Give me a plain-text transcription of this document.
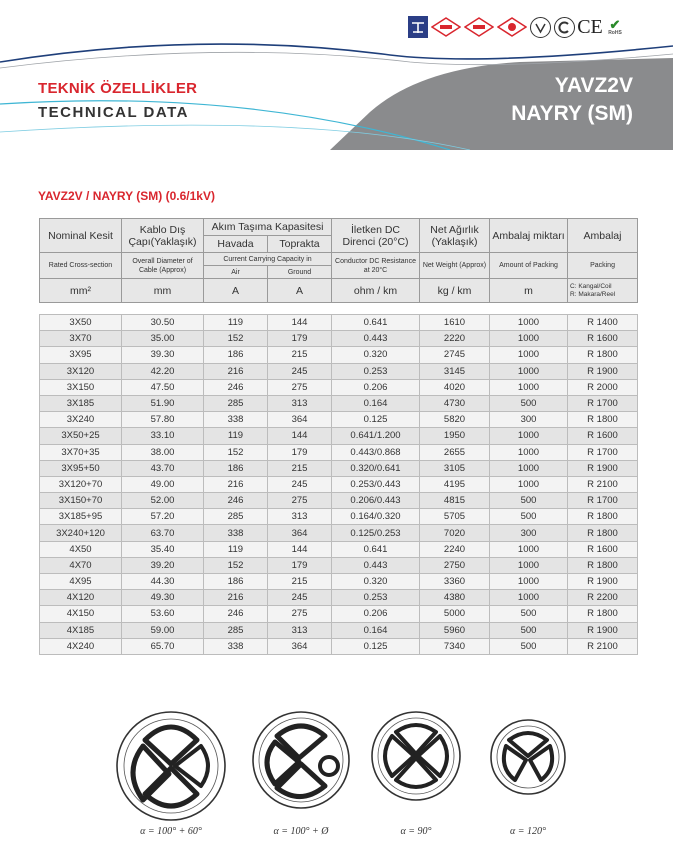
TEKNİK ÖZELLİKLER
TECHNICAL DATA
YAVZ2V
NAYRY (SM)
CE ✔
RoHS
YAVZ2V / NAYRY (SM) (0.6/1kV)
Nominal Kesit	Kablo Dış Çapı(Yaklaşık)	Akım Taşıma Kapasitesi		İletken DC Direnci (20°C)	Net Ağırlık (Yaklaşık)	Ambalaj miktarı	Ambalaj
		Havada	Toprakta				
Rated Cross-section	Overall Diameter of Cable (Approx)	Current Carrying Capacity in		Conductor DC Resistance at 20°C	Net Weight (Approx)	Amount of Packing	Packing
		Air	Ground				
mm²	mm	A	A	ohm / km	kg / km	m	C: Kangal/Coil
R: Makara/Reel
3X50	30.50	119	144	0.641	1610	1000	R 1400
3X70	35.00	152	179	0.443	2220	1000	R 1600
3X95	39.30	186	215	0.320	2745	1000	R 1800
3X120	42.20	216	245	0.253	3145	1000	R 1900
3X150	47.50	246	275	0.206	4020	1000	R 2000
3X185	51.90	285	313	0.164	4730	500	R 1700
3X240	57.80	338	364	0.125	5820	300	R 1800
3X50+25	33.10	119	144	0.641/1.200	1950	1000	R 1600
3X70+35	38.00	152	179	0.443/0.868	2655	1000	R 1700
3X95+50	43.70	186	215	0.320/0.641	3105	1000	R 1900
3X120+70	49.00	216	245	0.253/0.443	4195	1000	R 2100
3X150+70	52.00	246	275	0.206/0.443	4815	500	R 1700
3X185+95	57.20	285	313	0.164/0.320	5705	500	R 1800
3X240+120	63.70	338	364	0.125/0.253	7020	300	R 1800
4X50	35.40	119	144	0.641	2240	1000	R 1600
4X70	39.20	152	179	0.443	2750	1000	R 1800
4X95	44.30	186	215	0.320	3360	1000	R 1900
4X120	49.30	216	245	0.253	4380	1000	R 2200
4X150	53.60	246	275	0.206	5000	500	R 1800
4X185	59.00	285	313	0.164	5960	500	R 1900
4X240	65.70	338	364	0.125	7340	500	R 2100
α = 100° + 60°	α = 100° + Ø	α = 90°	α = 120°
